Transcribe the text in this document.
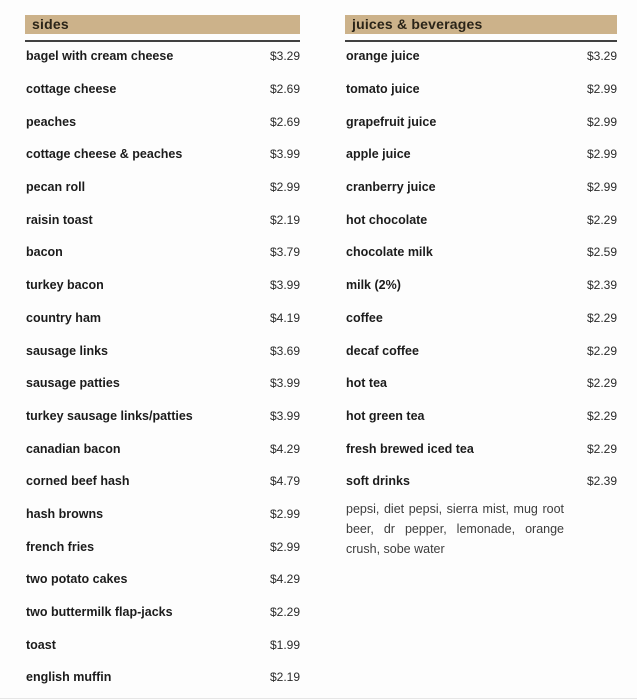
sides
bagel with cream cheese	$3.29
cottage cheese	$2.69
peaches	$2.69
cottage cheese & peaches	$3.99
pecan roll	$2.99
raisin toast	$2.19
bacon	$3.79
turkey bacon	$3.99
country ham	$4.19
sausage links	$3.69
sausage patties	$3.99
turkey sausage links/patties	$3.99
canadian bacon	$4.29
corned beef hash	$4.79
hash browns	$2.99
french fries	$2.99
two potato cakes	$4.29
two buttermilk flap-jacks	$2.29
toast	$1.99
english muffin	$2.19
juices & beverages
orange juice	$3.29
tomato juice	$2.99
grapefruit juice	$2.99
apple juice	$2.99
cranberry juice	$2.99
hot chocolate	$2.29
chocolate milk	$2.59
milk (2%)	$2.39
coffee	$2.29
decaf coffee	$2.29
hot tea	$2.29
hot green tea	$2.29
fresh brewed iced tea	$2.29
soft drinks	$2.39

pepsi, diet pepsi, sierra mist, mug root beer, dr pepper, lemonade, orange crush, sobe water
